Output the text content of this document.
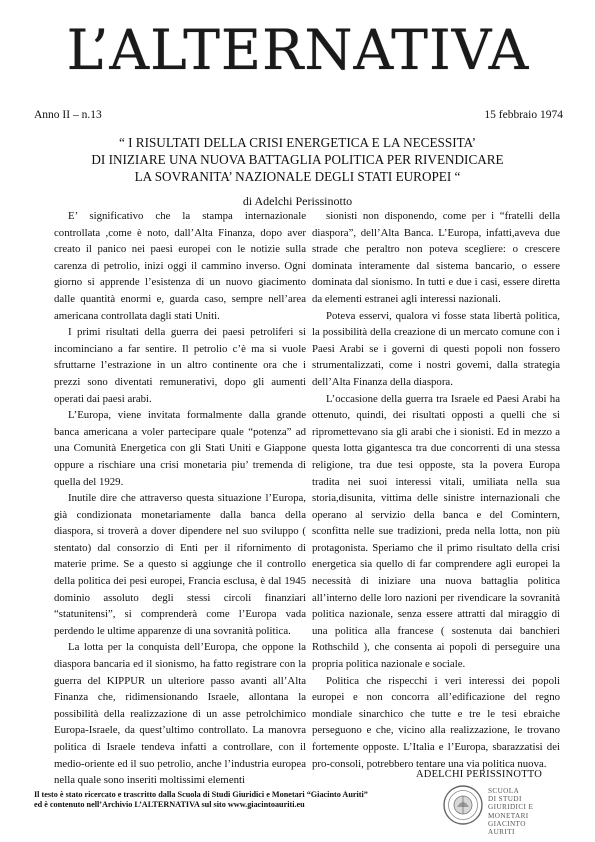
L’ALTERNATIVA
Anno II – n.13	15 febbraio 1974
“ I RISULTATI DELLA CRISI ENERGETICA E LA NECESSITA’
DI INIZIARE UNA NUOVA BATTAGLIA POLITICA PER RIVENDICARE
LA SOVRANITA’ NAZIONALE DEGLI STATI EUROPEI “
di Adelchi Perissinotto

E’ significativo che la stampa internazionale controllata ,come è noto, dall’Alta Finanza, dopo aver creato il panico nei paesi europei con le notizie sulla carenza di petrolio, inizi oggi il cammino inverso. Ogni giorno si apprende l’esistenza di un nuovo giacimento dalle quantità enormi e, guarda caso, sempre nell’area americana controllata dagli stati Uniti.

I primi risultati della guerra dei paesi petroliferi si incominciano a far sentire. Il petrolio c’è ma si vuole sfruttarne l’estrazione in un altro continente ora che i prezzi sono diventati remunerativi, dopo gli aumenti operati dai paesi arabi.

L’Europa, viene invitata formalmente dalla grande banca americana a voler partecipare quale “potenza” ad una Comunità Energetica con gli Stati Uniti e Giappone oppure a rischiare una crisi monetaria piu’ tremenda di quella del 1929.

Inutile dire che attraverso questa situazione l’Europa, già condizionata monetariamente dalla banca della diaspora, si troverà a dover dipendere nel suo sviluppo ( stentato) dal consorzio di Enti per il rifornimento di materie prime. Se a questo si aggiunge che il controllo della politica dei pesi europei, Francia esclusa, è dal 1945 dominio assoluto degli stessi circoli finanziari “statunitensi”, si comprenderà come l’Europa vada perdendo le ultime apparenze di una sovranità politica.

La lotta per la conquista dell’Europa, che oppone la diaspora bancaria ed il sionismo, ha fatto registrare con la guerra del KIPPUR un ulteriore passo avanti all’Alta Finanza che, ridimensionando Israele, allontana la possibilità della realizzazione di un asse petrolchimico Europa-Israele, da quest’ultimo controllato. La manovra politica di Israele tendeva infatti a controllare, con il medio-oriente ed il suo petrolio, anche l’industria europea nella quale sono inseriti moltissimi elementi

sionisti non disponendo, come per i “fratelli della diaspora”, dell’Alta Banca. L’Europa, infatti,aveva due strade che peraltro non poteva scegliere: o crescere dominata interamente dal sistema bancario, o essere dominata dal sionismo. In tutti e due i casi, essere diretta da elementi estranei agli interessi nazionali.

Poteva esservi, qualora vi fosse stata libertà politica, la possibilità della creazione di un mercato comune con i Paesi Arabi se i governi di questi popoli non fossero strumentalizzati, come i nostri govemi, dalla strategia dell’Alta Finanza della diaspora.

L’occasione della guerra tra Israele ed Paesi Arabi ha ottenuto, quindi, dei risultati opposti a quelli che si ripromettevano sia gli arabi che i sionisti. Ed in mezzo a questa lotta gigantesca tra due concorrenti di una stessa religione, tra due tesi opposte, sta la povera Europa tradita nei suoi interessi vitali, umiliata nella sua storia,disunita, vittima delle sinistre internazionali che operano al servizio della banca e del Comintern, sconfitta nelle sue tradizioni, preda nella lotta, non più protagonista. Speriamo che il primo risultato della crisi energetica sia quello di far comprendere agli europei la necessità di iniziare una nuova battaglia politica all’interno delle loro nazioni per rivendicare la sovranità politica nazionale, senza essere attratti dal miraggio di una politica alla francese ( sostenuta dai banchieri Rothschild ), che consenta ai popoli di perseguire una propria politica nazionale e sociale.

Politica che rispecchi i veri interessi dei popoli europei e non concorra all’edificazione del regno mondiale sinarchico che tutte e tre le tesi ebraiche perseguono e che, vicino alla realizzazione, le trovano fortemente opposte. L’Italia e l’Europa, sbarazzatisi dei pro-consoli, potrebbero tentare una via politica nuova.

ADELCHI PERISSINOTTO
Il testo è stato ricercato e trascritto dalla Scuola di Studi Giuridici e Monetari “Giacinto Auriti”
ed è contenuto nell’Archivio L’ALTERNATIVA sul sito www.giacintoauriti.eu
SCUOLA
DI STUDI
GIURIDICI E
MONETARI
GIACINTO
AURITI
